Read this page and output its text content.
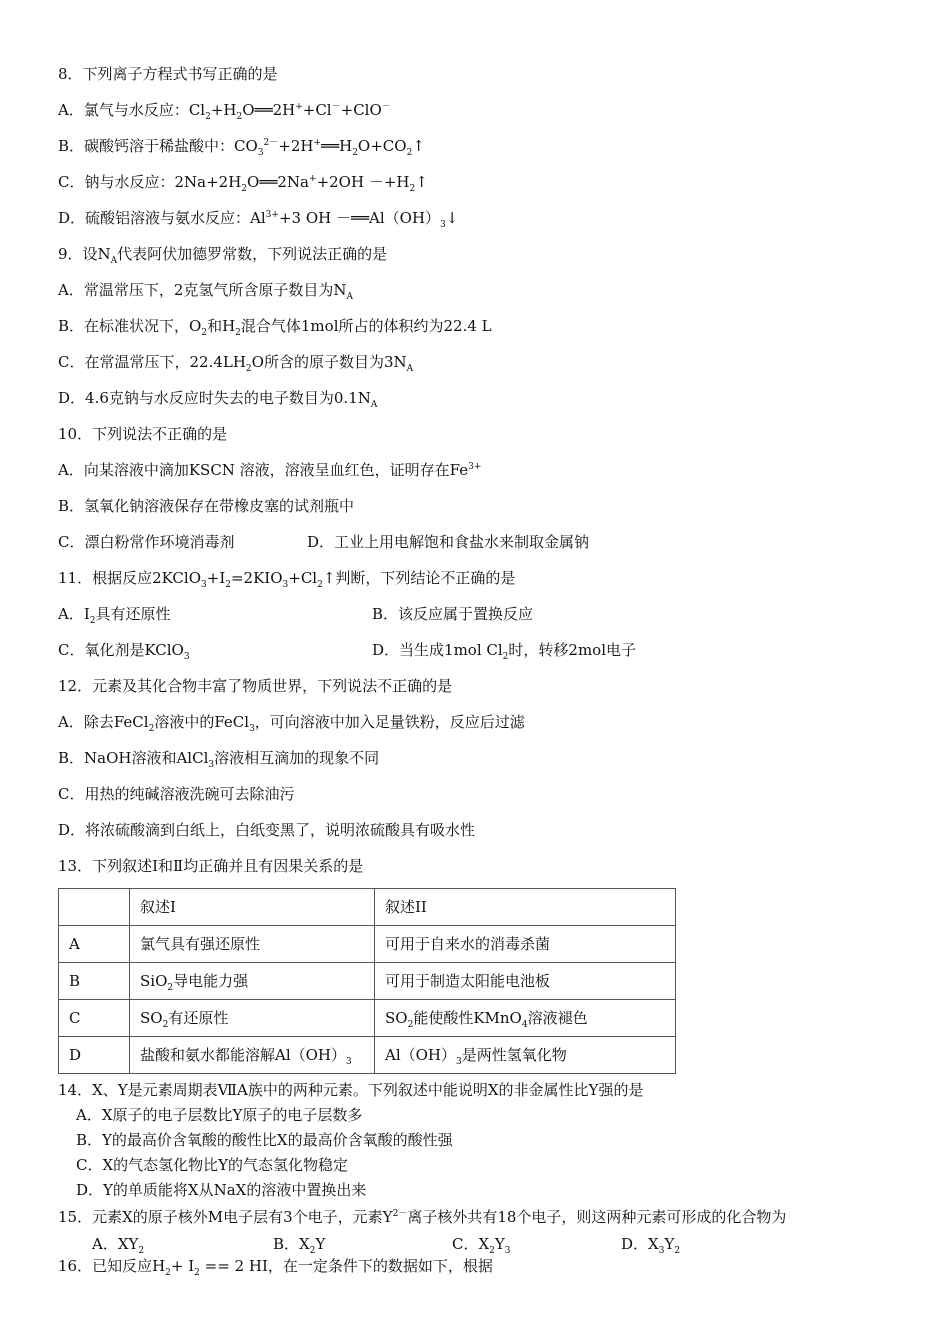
8．下列离子方程式书写正确的是
A．氯气与水反应：$Cl_2+H_2O══2H^++Cl^-+ClO^-$
B．碳酸钙溶于稀盐酸中：$CO_3^{2-}+2H^+══H_2O+CO_2↑$
C．钠与水反应：$2Na+2H_2O══2Na^++2OH$ $-+H_2↑$
D．硫酸铝溶液与氨水反应：$Al^{3+}+3$ OH $-══Al(OH)_3↓$
9．设$N_A$代表阿伏加德罗常数，下列说法正确的是
A．常温常压下，2克氢气所含原子数目为$N_A$
B．在标准状况下，$O_2$和$H_2$混合气体1mol所占的体积约为22.4 L
C．在常温常压下，$22.4LH_2O$所含的原子数目为$3N_A$
D．4.6克钠与水反应时失去的电子数目为$0.1N_A$
10．下列说法不正确的是
A．向某溶液中滴加KSCN 溶液，溶液呈血红色，证明存在$Fe^{3+}$
B．氢氧化钠溶液保存在带橡皮塞的试剂瓶中
C．漂白粉常作环境消毒剂	D．工业上用电解饱和食盐水来制取金属钠
11．根据反应$2KClO_3+I_2=2KIO_3+Cl_2↑$判断，下列结论不正确的是
A．$I_2$具有还原性	B．该反应属于置换反应
C．氧化剂是KClO$_3$	D．当生成1mol $Cl_2$时，转移2mol电子
12．元素及其化合物丰富了物质世界，下列说法不正确的是
A．除去FeCl$_2$溶液中的FeCl$_3$，可向溶液中加入足量铁粉，反应后过滤
B．NaOH溶液和AlCl$_3$溶液相互滴加的现象不同
C．用热的纯碱溶液洗碗可去除油污
D．将浓硫酸滴到白纸上，白纸变黑了，说明浓硫酸具有吸水性
13．下列叙述Ⅰ和Ⅱ均正确并且有因果关系的是
	叙述I	叙述II
A	氯气具有强还原性	可用于自来水的消毒杀菌
B	SiO$_2$导电能力强	可用于制造太阳能电池板
C	$SO_2$有还原性	$SO_2$能使酸性KMnO$_4$溶液褪色
D	盐酸和氨水都能溶解$Al(OH)_3$	$Al(OH)_3$是两性氢氧化物
14．X、Y是元素周期表ⅦA族中的两种元素。下列叙述中能说明X的非金属性比Y强的是
A．X原子的电子层数比Y原子的电子层数多
B．Y的最高价含氧酸的酸性比X的最高价含氧酸的酸性强
C．X的气态氢化物比Y的气态氢化物稳定
D．Y的单质能将X从NaX的溶液中置换出来
15．元素X的原子核外M电子层有3个电子，元素$Y^{2-}$离子核外共有18个电子，则这两种元素可形成的化合物为
A．$XY_2$	B．$X_2Y$	C．$X_2Y_3$	D．$X_3Y_2$
16．已知反应$H_2+ I_2 == 2$ HI，在一定条件下的数据如下，根据
